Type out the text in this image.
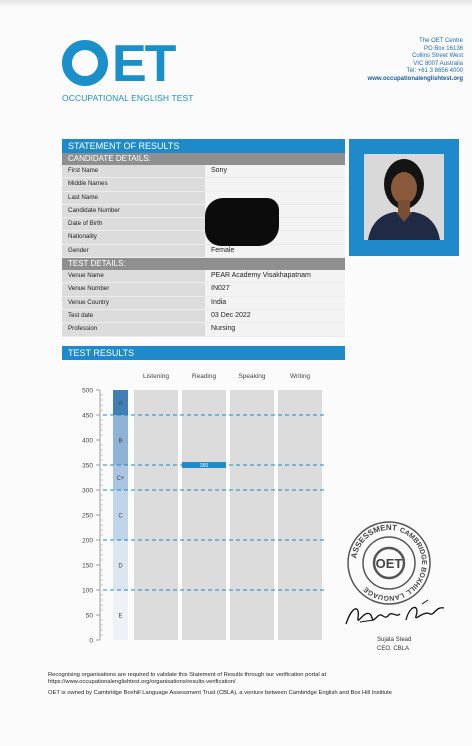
ET
OCCUPATIONAL ENGLISH TEST
The OET Centre
PO Box 16136
Collins Street West
VIC 8007 Australia
Tel: +61 3 8656 4000
www.occupationalenglishtest.org
STATEMENT OF RESULTS
CANDIDATE DETAILS:
First Name	Sony
Middle Names
Last Name
Candidate Number
Date of Birth
Nationality
Gender	Female
TEST DETAILS:
Venue Name	PEAR Academy Visakhapatnam
Venue Number	IN027
Venue Country	India
Test date	03 Dec 2022
Profession	Nursing
TEST RESULTS
0
50
100
150
200
250
300
350
400
450
500
A
B
C+
C
D
E
Listening	Reading	Speaking	Writing
350
ASSESSMENT CAMBRIDGE BOXHILL
LANGUAGE
OET
Sujata Stead
CEO, CBLA
Recognising organisations are required to validate this Statement of Results through our verification portal at
https://www.occupationalenglishtest.org/organisations/results-verification/
OET is owned by Cambridge Boxhill Language Assessment Trust (CBLA), a venture between Cambridge English and Box Hill Institute
